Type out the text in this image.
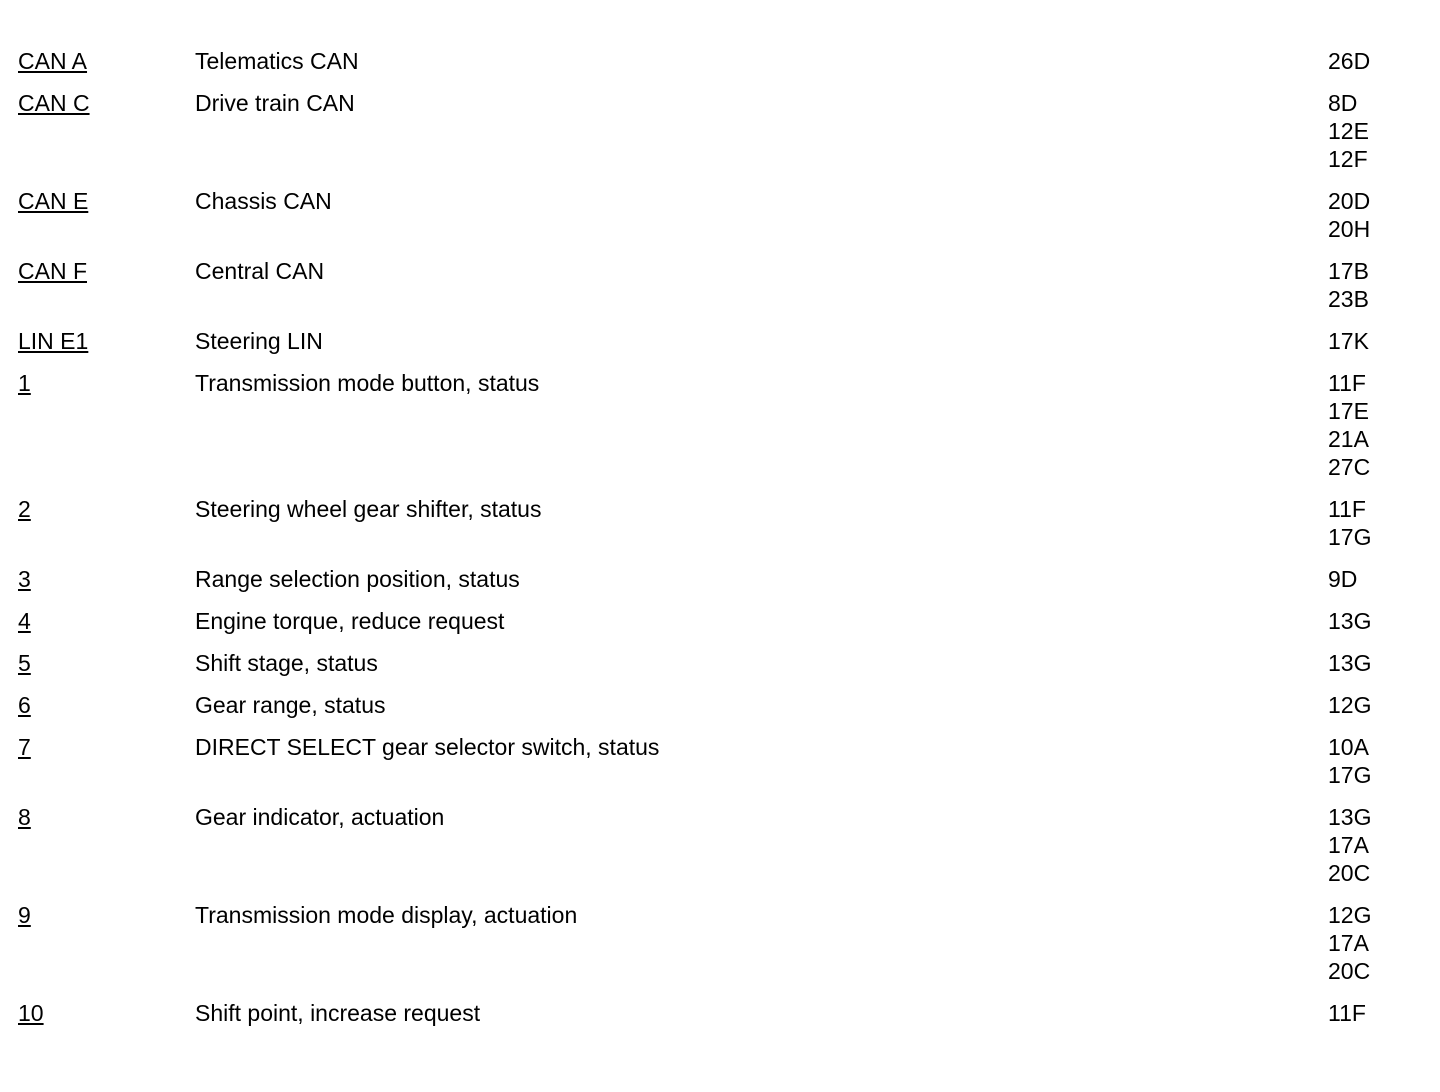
CAN A	Telematics CAN	26D
CAN C	Drive train CAN	8D
12E
12F
CAN E	Chassis CAN	20D
20H
CAN F	Central CAN	17B
23B
LIN E1	Steering LIN	17K
1	Transmission mode button, status	11F
17E
21A
27C
2	Steering wheel gear shifter, status	11F
17G
3	Range selection position, status	9D
4	Engine torque, reduce request	13G
5	Shift stage, status	13G
6	Gear range, status	12G
7	DIRECT SELECT gear selector switch, status	10A
17G
8	Gear indicator, actuation	13G
17A
20C
9	Transmission mode display, actuation	12G
17A
20C
10	Shift point, increase request	11F
